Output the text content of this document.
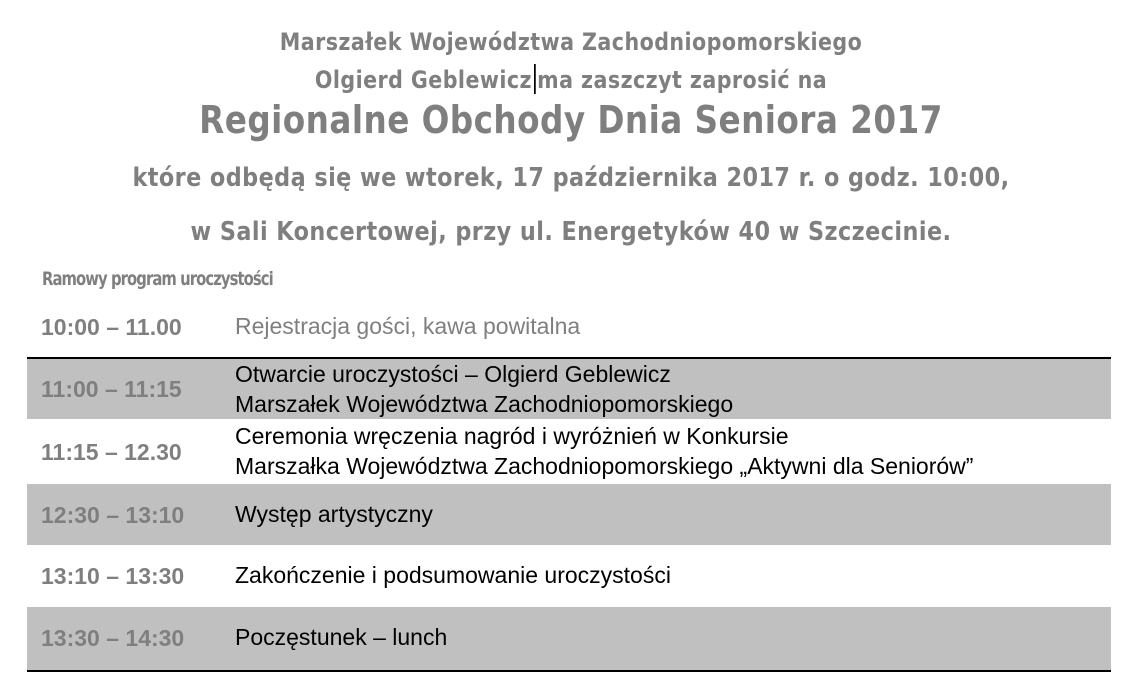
Marszałek Województwa Zachodniopomorskiego
Olgierd Geblewicz ma zaszczyt zaprosić na
Regionalne Obchody Dnia Seniora 2017
które odbędą się we wtorek, 17 października 2017 r. o godz. 10:00,
w Sali Koncertowej, przy ul. Energetyków 40 w Szczecinie.
Ramowy program uroczystości
10:00 – 11.00 Rejestracja gości, kawa powitalna
11:00 – 11:15
Otwarcie uroczystości – Olgierd Geblewicz
Marszałek Województwa Zachodniopomorskiego
11:15 – 12.30
Ceremonia wręczenia nagród i wyróżnień w Konkursie
Marszałka Województwa Zachodniopomorskiego „Aktywni dla Seniorów”
12:30 – 13:10 Występ artystyczny
13:10 – 13:30 Zakończenie i podsumowanie uroczystości
13:30 – 14:30 Poczęstunek – lunch
